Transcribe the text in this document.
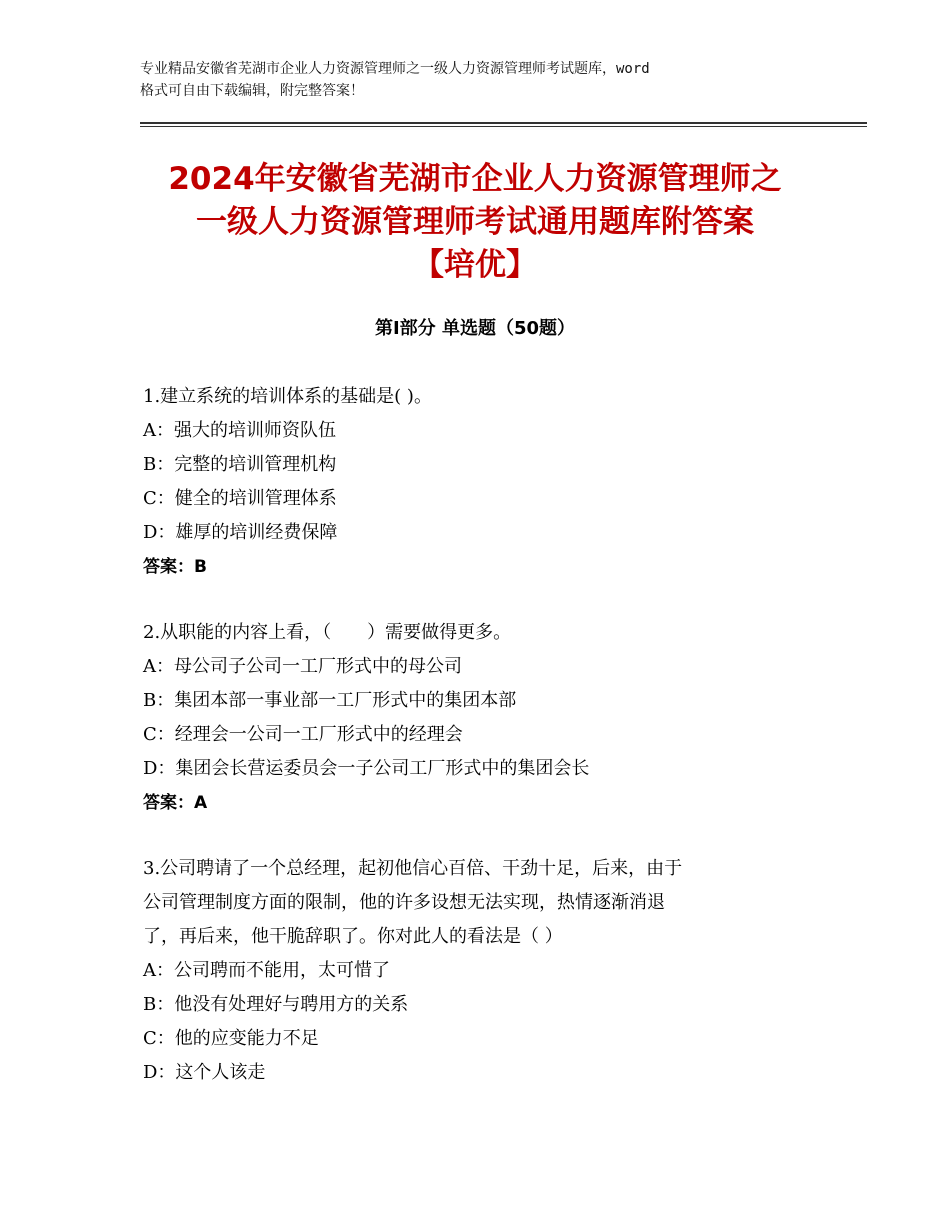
专业精品安徽省芜湖市企业人力资源管理师之一级人力资源管理师考试题库，word
格式可自由下载编辑，附完整答案！
2024年安徽省芜湖市企业人力资源管理师之
一级人力资源管理师考试通用题库附答案
【培优】
第Ⅰ部分 单选题（50题）
1.建立系统的培训体系的基础是( )。
A：强大的培训师资队伍
B：完整的培训管理机构
C：健全的培训管理体系
D：雄厚的培训经费保障
答案：B
2.从职能的内容上看，（　　）需要做得更多。
A：母公司子公司一工厂形式中的母公司
B：集团本部一事业部一工厂形式中的集团本部
C：经理会一公司一工厂形式中的经理会
D：集团会长营运委员会一子公司工厂形式中的集团会长
答案：A
3.公司聘请了一个总经理，起初他信心百倍、干劲十足，后来，由于
公司管理制度方面的限制，他的许多设想无法实现，热情逐渐消退
了，再后来，他干脆辞职了。你对此人的看法是（ ）
A：公司聘而不能用，太可惜了
B：他没有处理好与聘用方的关系
C：他的应变能力不足
D：这个人该走
